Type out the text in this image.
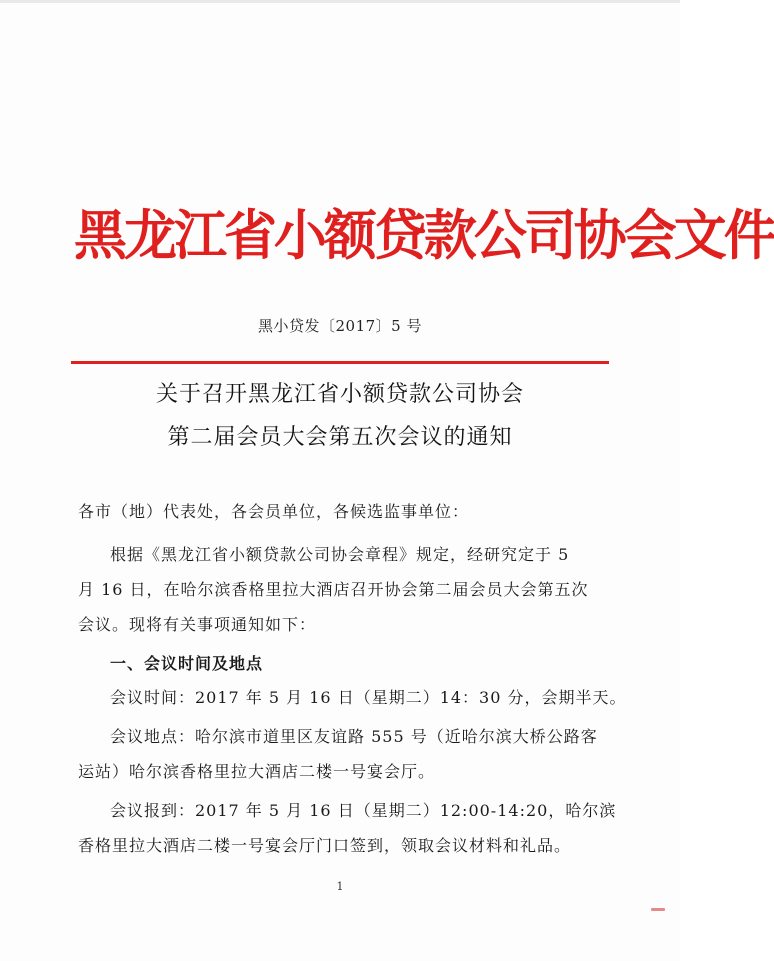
黑龙江省小额贷款公司协会文件
黑小贷发〔2017〕5 号
关于召开黑龙江省小额贷款公司协会
第二届会员大会第五次会议的通知
各市（地）代表处，各会员单位，各候选监事单位：
根据《黑龙江省小额贷款公司协会章程》规定，经研究定于 5
月 16 日，在哈尔滨香格里拉大酒店召开协会第二届会员大会第五次
会议。现将有关事项通知如下：
一、会议时间及地点
会议时间：2017 年 5 月 16 日（星期二）14：30 分，会期半天。
会议地点：哈尔滨市道里区友谊路 555 号（近哈尔滨大桥公路客
运站）哈尔滨香格里拉大酒店二楼一号宴会厅。
会议报到：2017 年 5 月 16 日（星期二）12:00-14:20，哈尔滨
香格里拉大酒店二楼一号宴会厅门口签到，领取会议材料和礼品。
1
